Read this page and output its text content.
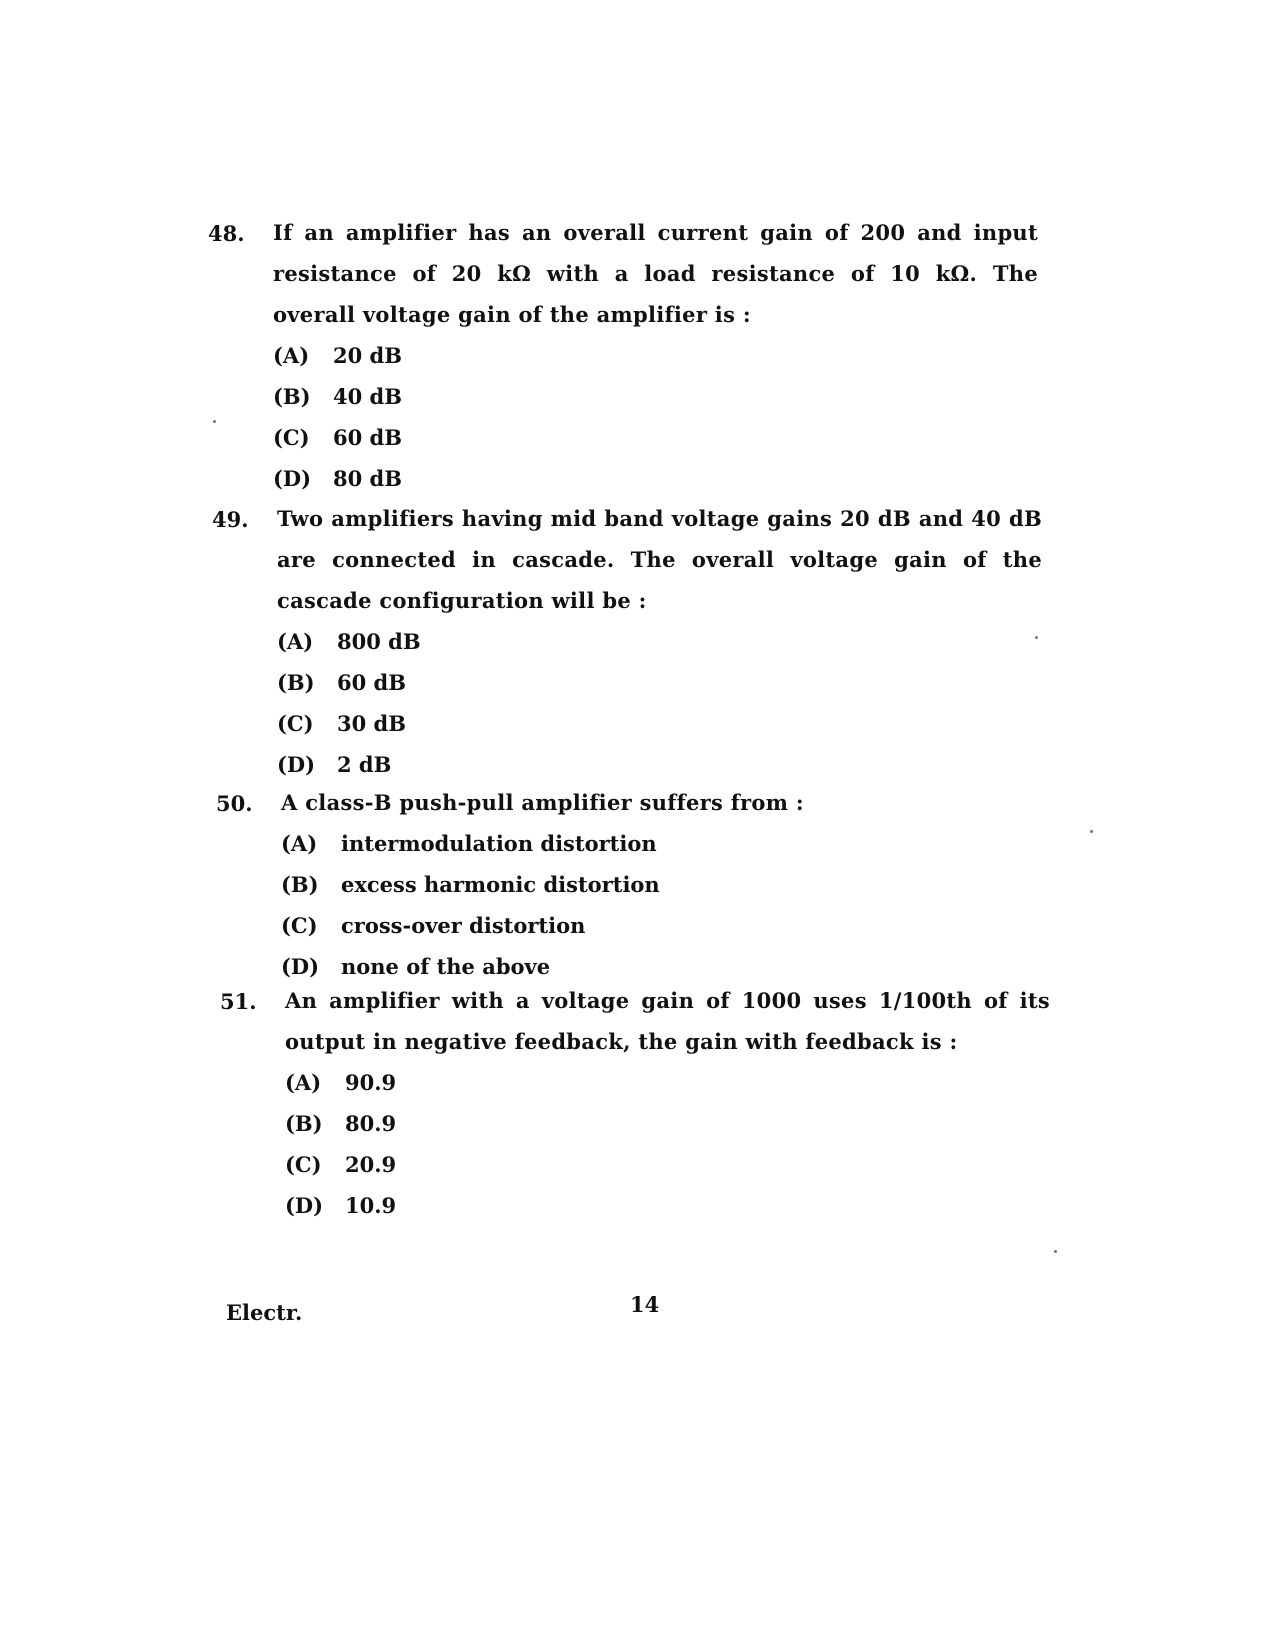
48. If an amplifier has an overall current gain of 200 and input resistance of 20 kΩ with a load resistance of 10 kΩ. The overall voltage gain of the amplifier is :
(A)	20 dB
(B)	40 dB
(C)	60 dB
(D)	80 dB
49. Two amplifiers having mid band voltage gains 20 dB and 40 dB are connected in cascade. The overall voltage gain of the cascade configuration will be :
(A)	800 dB
(B)	60 dB
(C)	30 dB
(D)	2 dB
50. A class-B push-pull amplifier suffers from :
(A)	intermodulation distortion
(B)	excess harmonic distortion
(C)	cross-over distortion
(D)	none of the above
51. An amplifier with a voltage gain of 1000 uses 1/100th of its output in negative feedback, the gain with feedback is :
(A)	90.9
(B)	80.9
(C)	20.9
(D)	10.9
Electr.	14
